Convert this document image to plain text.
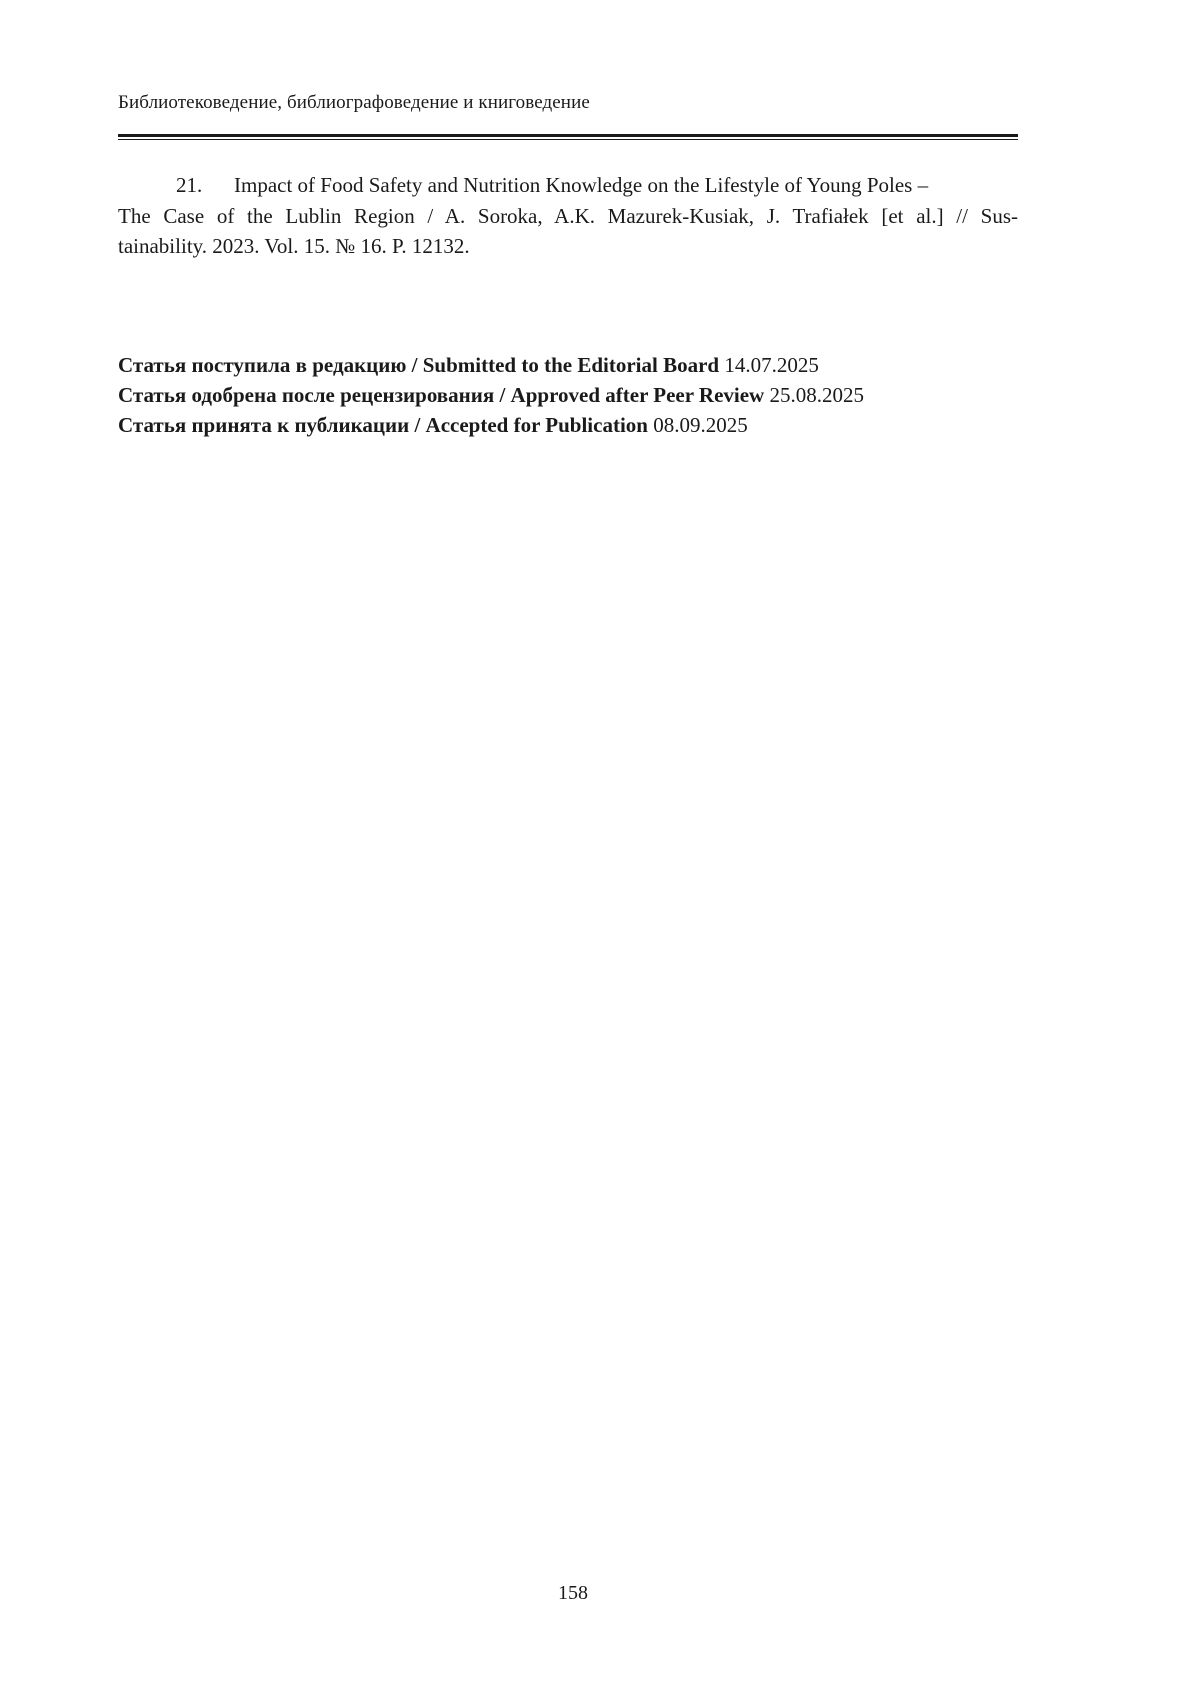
Библиотековедение, библиографоведение и книговедение
21. Impact of Food Safety and Nutrition Knowledge on the Lifestyle of Young Poles –
The Case of the Lublin Region / A. Soroka, A.K. Mazurek-Kusiak, J. Trafiałek [et al.] // Sus-
tainability. 2023. Vol. 15. № 16. P. 12132.
Статья поступила в редакцию / Submitted to the Editorial Board 14.07.2025
Статья одобрена после рецензирования / Approved after Peer Review 25.08.2025
Статья принята к публикации / Accepted for Publication 08.09.2025
158
